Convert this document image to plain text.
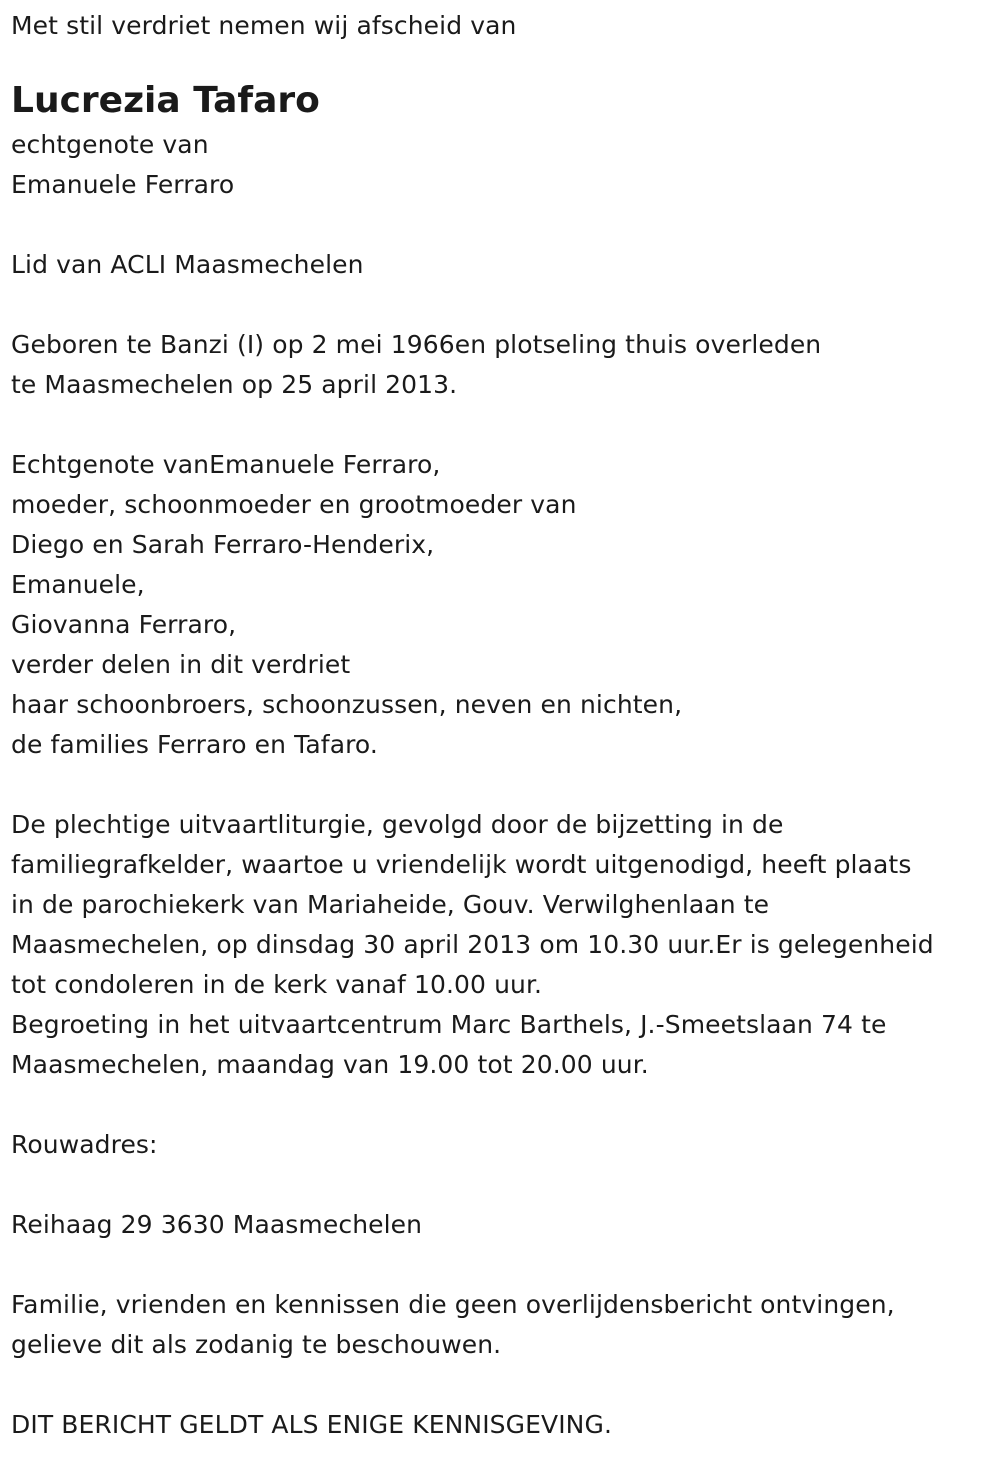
Met stil verdriet nemen wij afscheid van
Lucrezia Tafaro
echtgenote van
Emanuele Ferraro
Lid van ACLI Maasmechelen
Geboren te Banzi (I) op 2 mei 1966en plotseling thuis overleden
te Maasmechelen op 25 april 2013.
Echtgenote vanEmanuele Ferraro,
moeder, schoonmoeder en grootmoeder van
Diego en Sarah Ferraro-Henderix,
Emanuele,
Giovanna Ferraro,
verder delen in dit verdriet
haar schoonbroers, schoonzussen, neven en nichten,
de families Ferraro en Tafaro.
De plechtige uitvaartliturgie, gevolgd door de bijzetting in de
familiegrafkelder, waartoe u vriendelijk wordt uitgenodigd, heeft plaats
in de parochiekerk van Mariaheide, Gouv. Verwilghenlaan te
Maasmechelen, op dinsdag 30 april 2013 om 10.30 uur.Er is gelegenheid
tot condoleren in de kerk vanaf 10.00 uur.
Begroeting in het uitvaartcentrum Marc Barthels, J.-Smeetslaan 74 te
Maasmechelen, maandag van 19.00 tot 20.00 uur.
Rouwadres:
Reihaag 29 3630 Maasmechelen
Familie, vrienden en kennissen die geen overlijdensbericht ontvingen,
gelieve dit als zodanig te beschouwen.
DIT BERICHT GELDT ALS ENIGE KENNISGEVING.
